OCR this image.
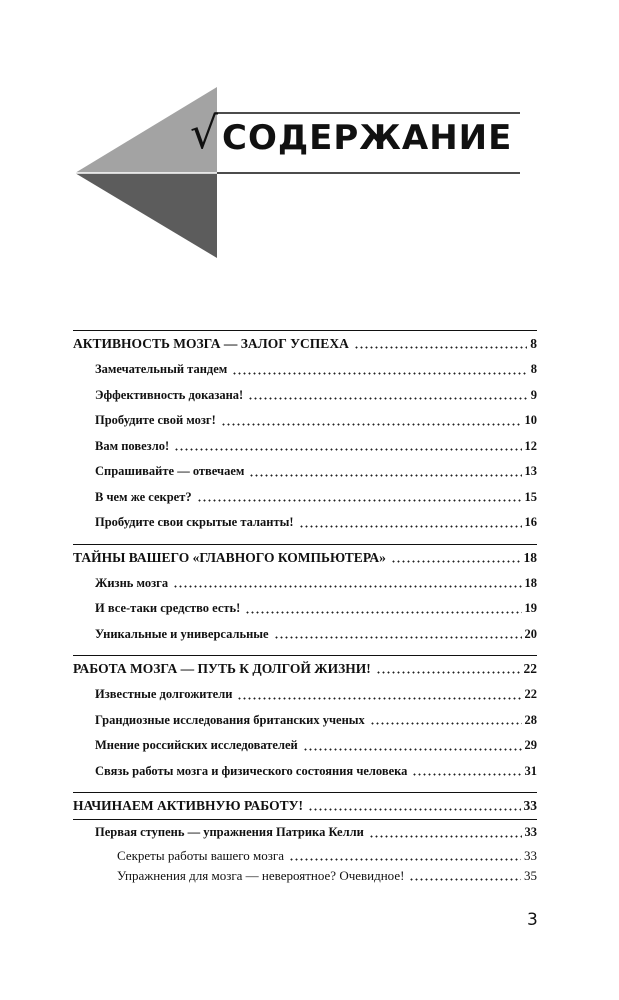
√ СОДЕРЖАНИЕ
АКТИВНОСТЬ МОЗГА — ЗАЛОГ УСПЕХА	8
Замечательный тандем	8
Эффективность доказана!	9
Пробудите свой мозг!	10
Вам повезло!	12
Спрашивайте — отвечаем	13
В чем же секрет?	15
Пробудите свои скрытые таланты!	16
ТАЙНЫ ВАШЕГО «ГЛАВНОГО КОМПЬЮТЕРА»	18
Жизнь мозга	18
И все-таки средство есть!	19
Уникальные и универсальные	20
РАБОТА МОЗГА — ПУТЬ К ДОЛГОЙ ЖИЗНИ!	22
Известные долгожители	22
Грандиозные исследования британских ученых	28
Мнение российских исследователей	29
Связь работы мозга и физического состояния человека	31
НАЧИНАЕМ АКТИВНУЮ РАБОТУ!	33
Первая ступень — упражнения Патрика Келли	33
Секреты работы вашего мозга	33
Упражнения для мозга — невероятное? Очевидное!	35
3
